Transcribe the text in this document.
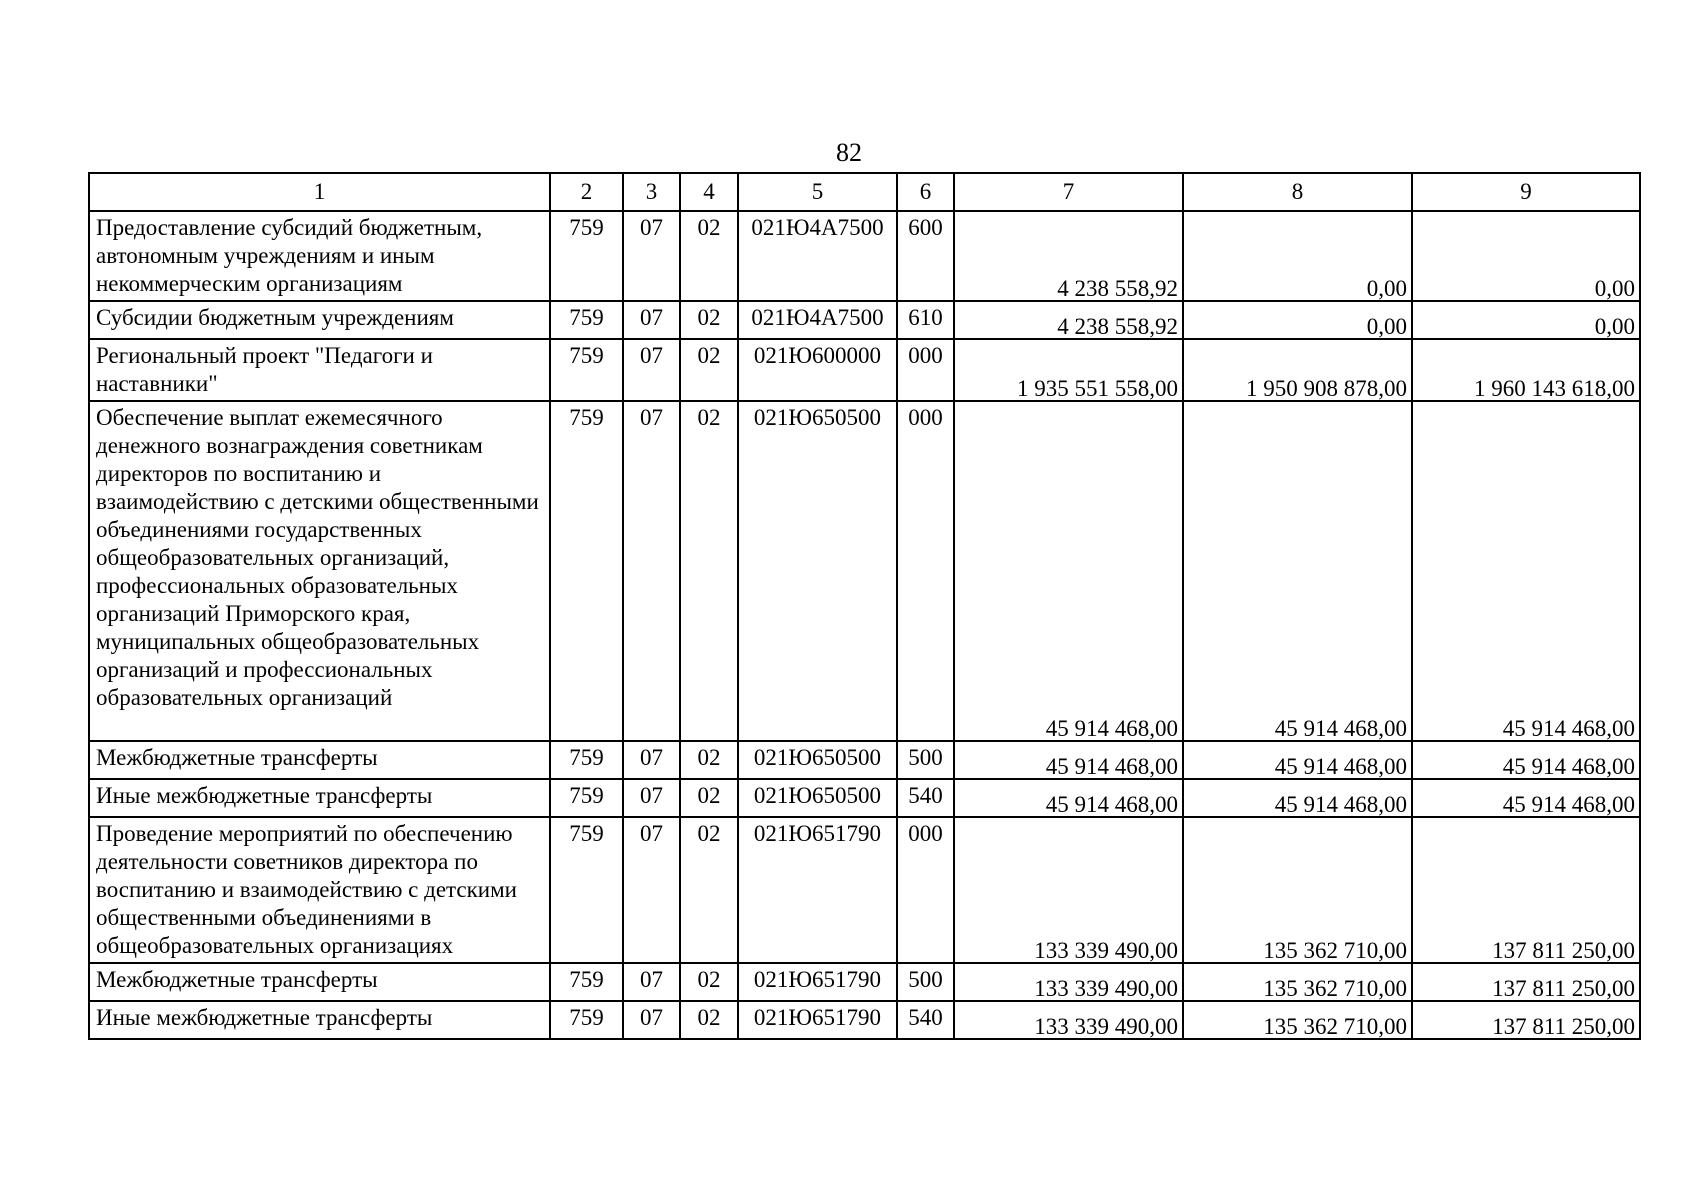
82
1	2	3	4	5	6	7	8	9
Предоставление субсидий бюджетным, автономным учреждениям и иным некоммерческим организациям	759	07	02	021Ю4А7500	600	4 238 558,92	0,00	0,00
Субсидии бюджетным учреждениям	759	07	02	021Ю4А7500	610	4 238 558,92	0,00	0,00
Региональный проект "Педагоги и наставники"	759	07	02	021Ю600000	000	1 935 551 558,00	1 950 908 878,00	1 960 143 618,00
Обеспечение выплат ежемесячного денежного вознаграждения советникам директоров по воспитанию и взаимодействию с детскими общественными объединениями государственных общеобразовательных организаций, профессиональных образовательных организаций Приморского края, муниципальных общеобразовательных организаций и профессиональных образовательных организаций	759	07	02	021Ю650500	000	45 914 468,00	45 914 468,00	45 914 468,00
Межбюджетные трансферты	759	07	02	021Ю650500	500	45 914 468,00	45 914 468,00	45 914 468,00
Иные межбюджетные трансферты	759	07	02	021Ю650500	540	45 914 468,00	45 914 468,00	45 914 468,00
Проведение мероприятий по обеспечению деятельности советников директора по воспитанию и взаимодействию с детскими общественными объединениями в общеобразовательных организациях	759	07	02	021Ю651790	000	133 339 490,00	135 362 710,00	137 811 250,00
Межбюджетные трансферты	759	07	02	021Ю651790	500	133 339 490,00	135 362 710,00	137 811 250,00
Иные межбюджетные трансферты	759	07	02	021Ю651790	540	133 339 490,00	135 362 710,00	137 811 250,00
